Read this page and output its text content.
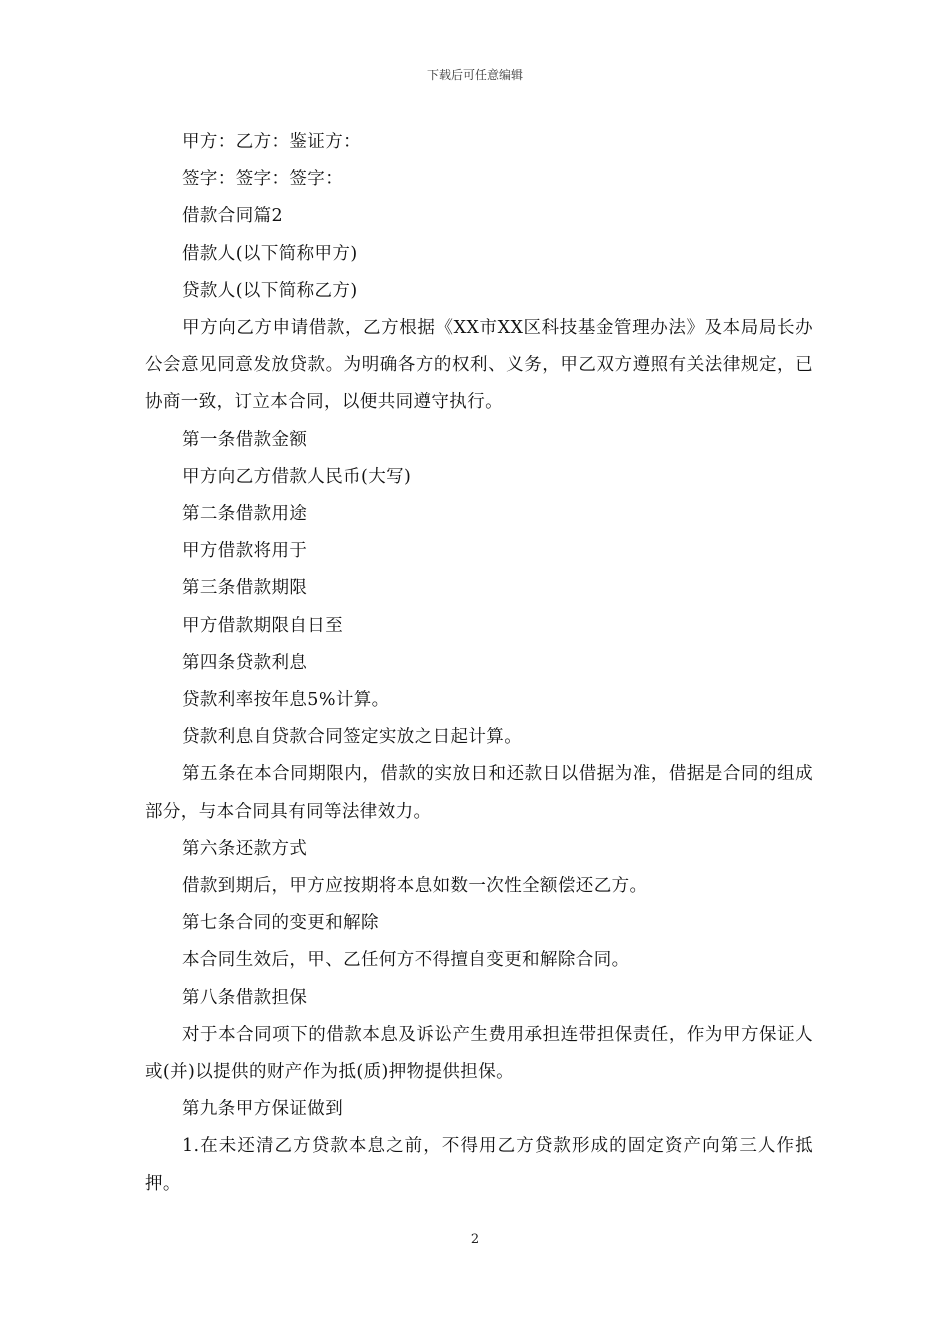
下载后可任意编辑

甲方：乙方：鉴证方：

签字：签字：签字：

借款合同篇2

借款人(以下简称甲方)

贷款人(以下简称乙方)

甲方向乙方申请借款，乙方根据《XX市XX区科技基金管理办法》及本局局长办公会意见同意发放贷款。为明确各方的权利、义务，甲乙双方遵照有关法律规定，已协商一致，订立本合同，以便共同遵守执行。

第一条借款金额

甲方向乙方借款人民币(大写)

第二条借款用途

甲方借款将用于

第三条借款期限

甲方借款期限自日至

第四条贷款利息

贷款利率按年息5%计算。

贷款利息自贷款合同签定实放之日起计算。

第五条在本合同期限内，借款的实放日和还款日以借据为准，借据是合同的组成部分，与本合同具有同等法律效力。

第六条还款方式

借款到期后，甲方应按期将本息如数一次性全额偿还乙方。

第七条合同的变更和解除

本合同生效后，甲、乙任何方不得擅自变更和解除合同。

第八条借款担保

对于本合同项下的借款本息及诉讼产生费用承担连带担保责任，作为甲方保证人或(并)以提供的财产作为抵(质)押物提供担保。

第九条甲方保证做到

1.在未还清乙方贷款本息之前，不得用乙方贷款形成的固定资产向第三人作抵押。

2
